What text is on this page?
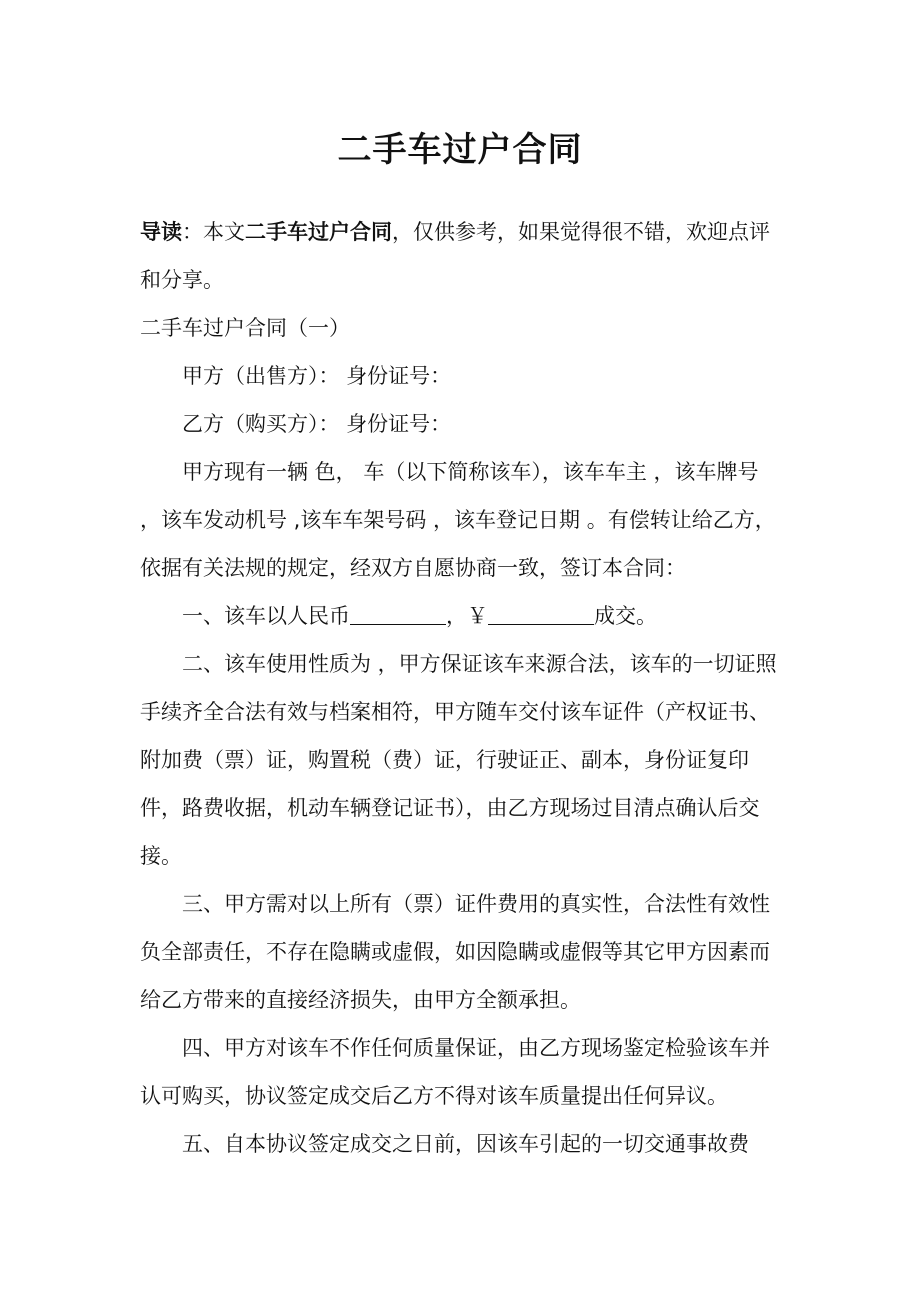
二手车过户合同

导读：本文二手车过户合同，仅供参考，如果觉得很不错，欢迎点评和分享。

二手车过户合同（一）

甲方（出售方）： 身份证号：

乙方（购买方）： 身份证号：

甲方现有一辆 色， 车（以下简称该车），该车车主 ，该车牌号 ，该车发动机号 ,该车车架号码 ，该车登记日期 。有偿转让给乙方，依据有关法规的规定，经双方自愿协商一致，签订本合同：

一、该车以人民币	，￥	成交。

二、该车使用性质为 ，甲方保证该车来源合法，该车的一切证照手续齐全合法有效与档案相符，甲方随车交付该车证件（产权证书、附加费（票）证，购置税（费）证，行驶证正、副本，身份证复印件，路费收据，机动车辆登记证书），由乙方现场过目清点确认后交接。

三、甲方需对以上所有（票）证件费用的真实性，合法性有效性负全部责任，不存在隐瞒或虚假，如因隐瞒或虚假等其它甲方因素而给乙方带来的直接经济损失，由甲方全额承担。

四、甲方对该车不作任何质量保证，由乙方现场鉴定检验该车并认可购买，协议签定成交后乙方不得对该车质量提出任何异议。

五、自本协议签定成交之日前，因该车引起的一切交通事故费
